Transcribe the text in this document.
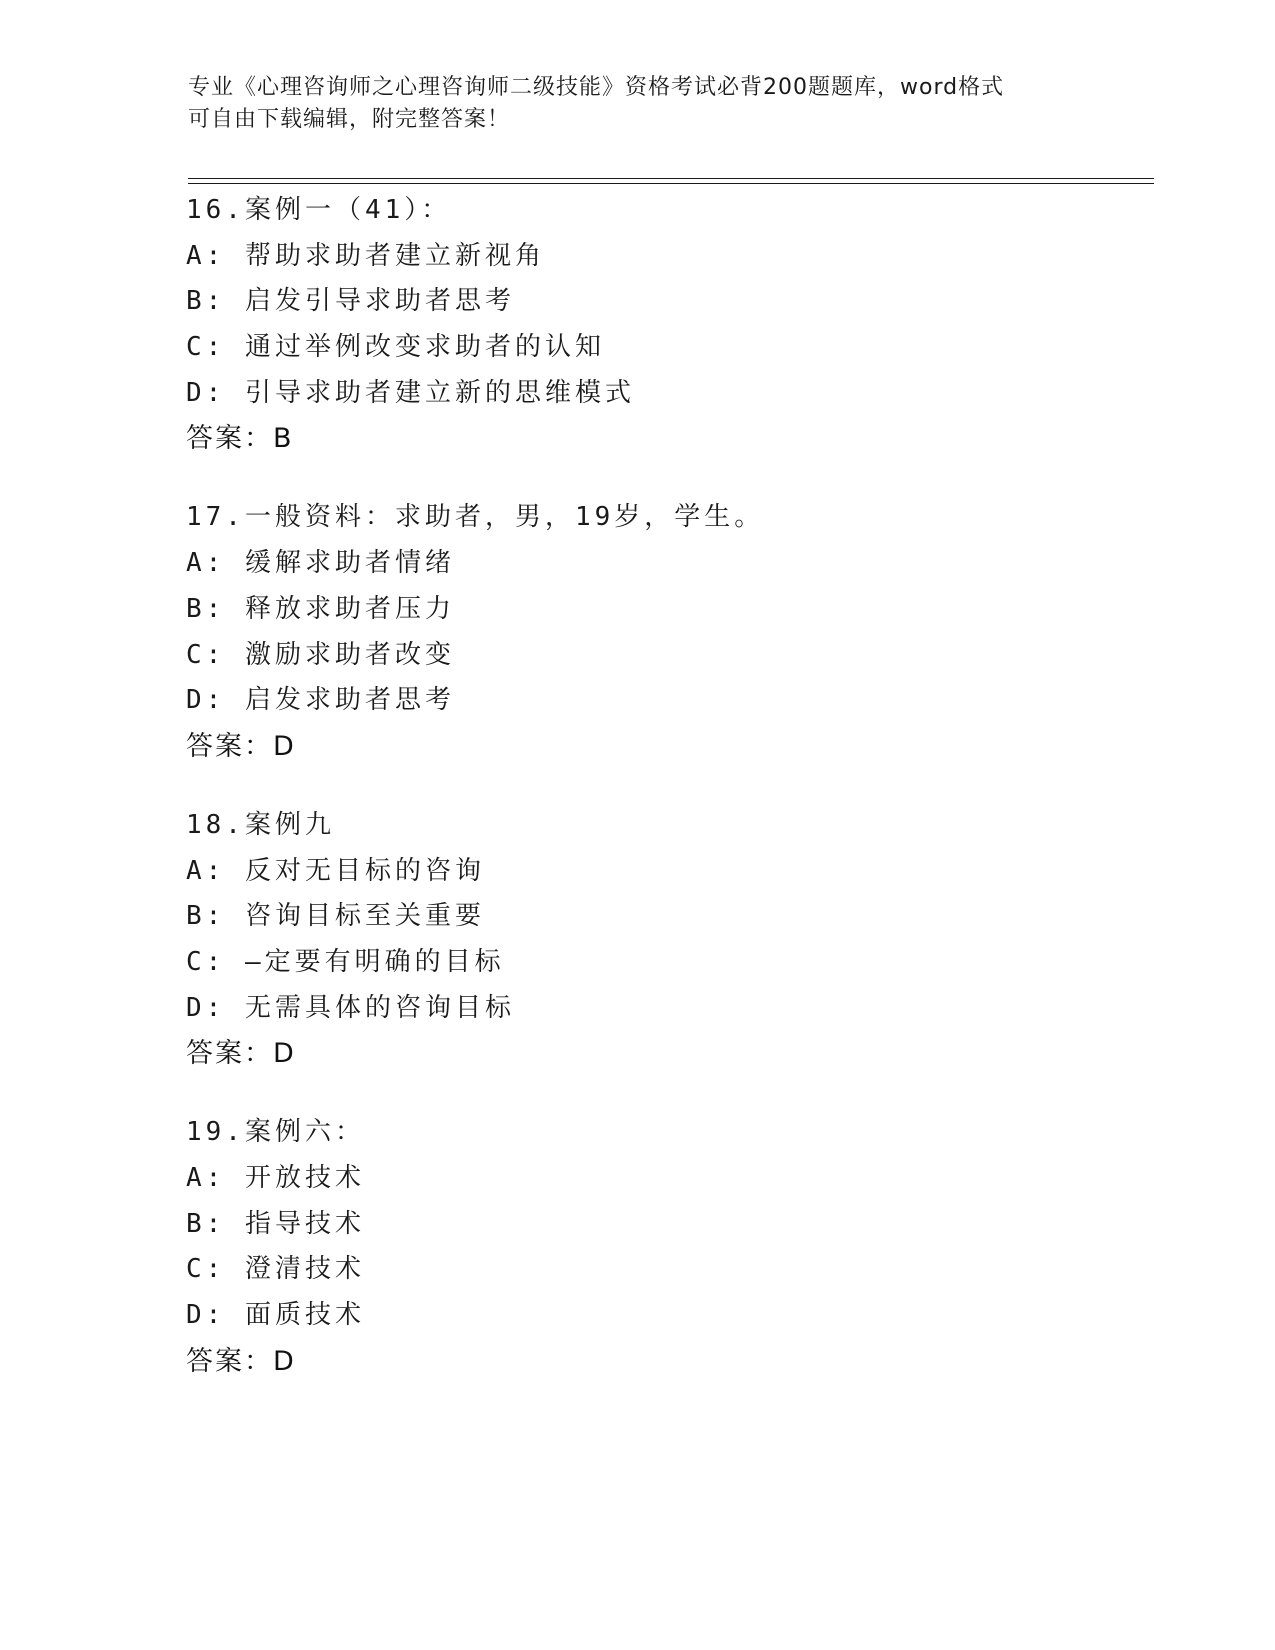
专业《心理咨询师之心理咨询师二级技能》资格考试必背200题题库，word格式
可自由下载编辑，附完整答案！
16.案例一（41）：
A: 帮助求助者建立新视角
B: 启发引导求助者思考
C: 通过举例改变求助者的认知
D: 引导求助者建立新的思维模式
答案：B
17.一般资料：求助者，男，19岁，学生。
A: 缓解求助者情绪
B: 释放求助者压力
C: 激励求助者改变
D: 启发求助者思考
答案：D
18.案例九
A: 反对无目标的咨询
B: 咨询目标至关重要
C: —定要有明确的目标
D: 无需具体的咨询目标
答案：D
19.案例六：
A: 开放技术
B: 指导技术
C: 澄清技术
D: 面质技术
答案：D
